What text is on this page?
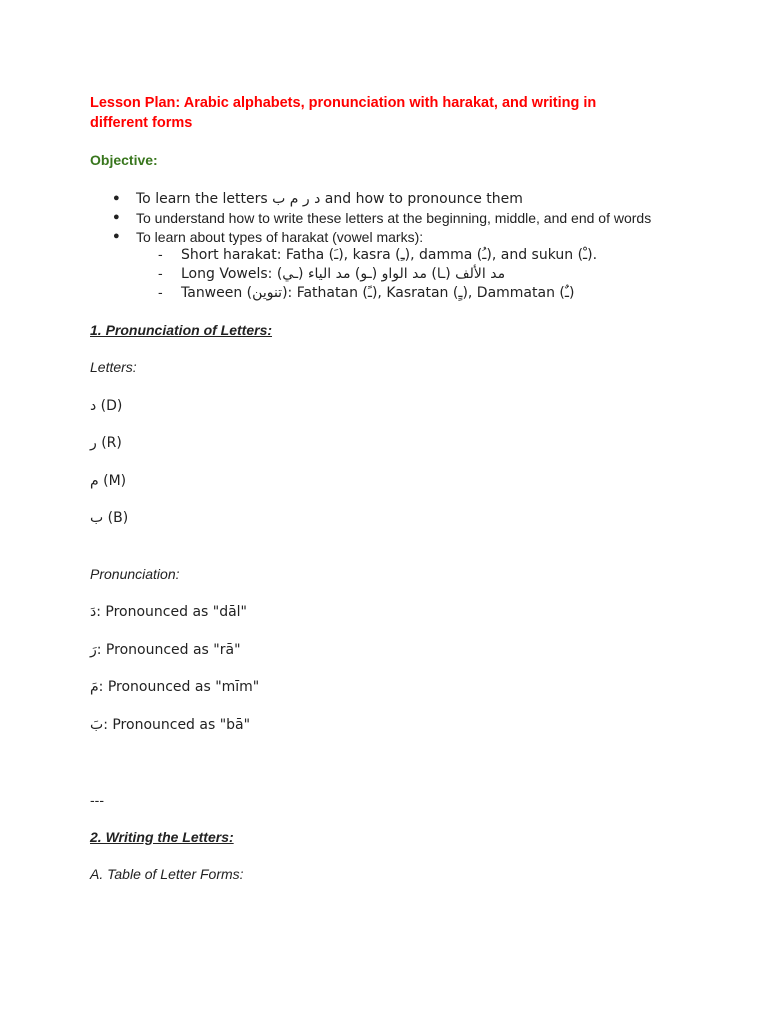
Lesson Plan: Arabic alphabets, pronunciation with harakat, and writing in different forms
Objective:
● To learn the letters د ر م ب and how to pronounce them
● To understand how to write these letters at the beginning, middle, and end of words
● To learn about types of harakat (vowel marks):
- Short harakat: Fatha (ـَ), kasra (ـِ), damma (ـُ), and sukun (ـْ).
- Long Vowels: مد الألف (ـا) مد الواو (ـو) مد الياء (ـي)
- Tanween (تنوين): Fathatan (ـً), Kasratan (ـٍ), Dammatan (ـٌ)
1. Pronunciation of Letters:
Letters:
د (D)
ر (R)
م (M)
ب (B)
Pronunciation:
دَ: Pronounced as "dāl"
رَ: Pronounced as "rā"
مَ: Pronounced as "mīm"
بَ: Pronounced as "bā"
---
2. Writing the Letters:
A. Table of Letter Forms:
